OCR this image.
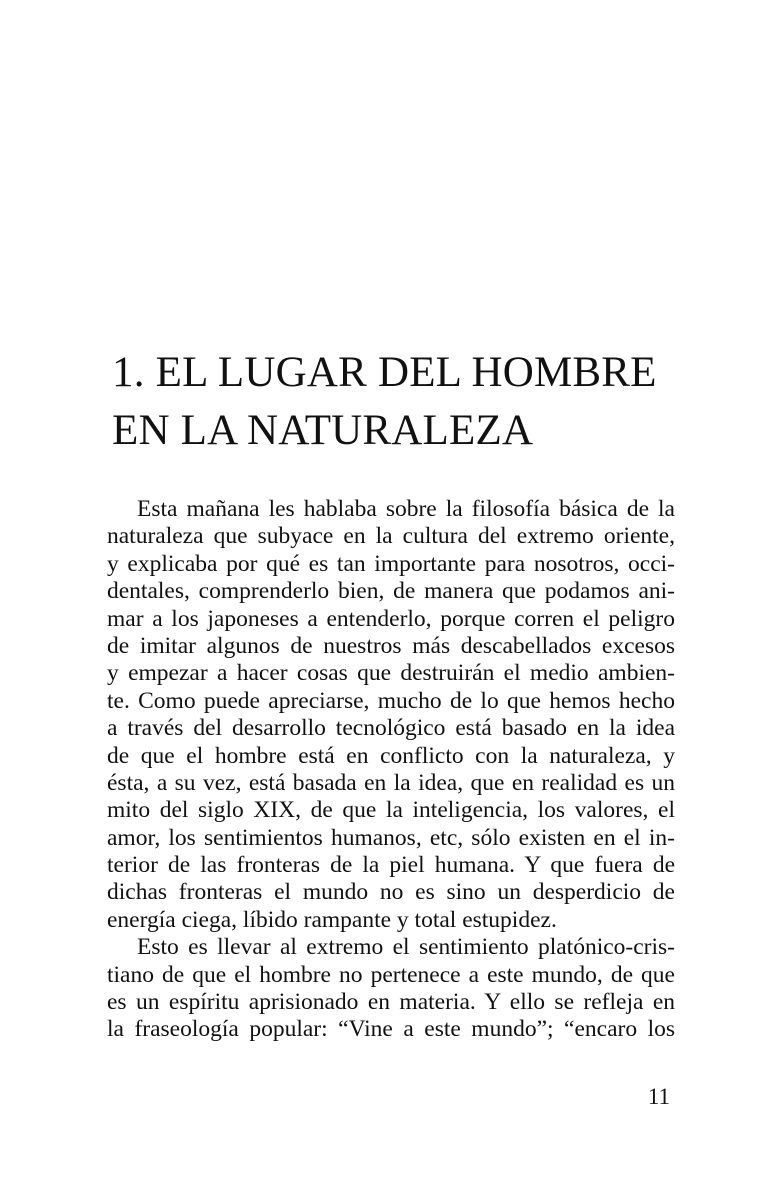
1. EL LUGAR DEL HOMBRE
EN LA NATURALEZA

Esta mañana les hablaba sobre la filosofía básica de la
naturaleza que subyace en la cultura del extremo oriente,
y explicaba por qué es tan importante para nosotros, occi-
dentales, comprenderlo bien, de manera que podamos ani-
mar a los japoneses a entenderlo, porque corren el peligro
de imitar algunos de nuestros más descabellados excesos
y empezar a hacer cosas que destruirán el medio ambien-
te. Como puede apreciarse, mucho de lo que hemos hecho
a través del desarrollo tecnológico está basado en la idea
de que el hombre está en conflicto con la naturaleza, y
ésta, a su vez, está basada en la idea, que en realidad es un
mito del siglo XIX, de que la inteligencia, los valores, el
amor, los sentimientos humanos, etc, sólo existen en el in-
terior de las fronteras de la piel humana. Y que fuera de
dichas fronteras el mundo no es sino un desperdicio de
energía ciega, líbido rampante y total estupidez.

Esto es llevar al extremo el sentimiento platónico-cris-
tiano de que el hombre no pertenece a este mundo, de que
es un espíritu aprisionado en materia. Y ello se refleja en
la fraseología popular: “Vine a este mundo”; “encaro los

11
